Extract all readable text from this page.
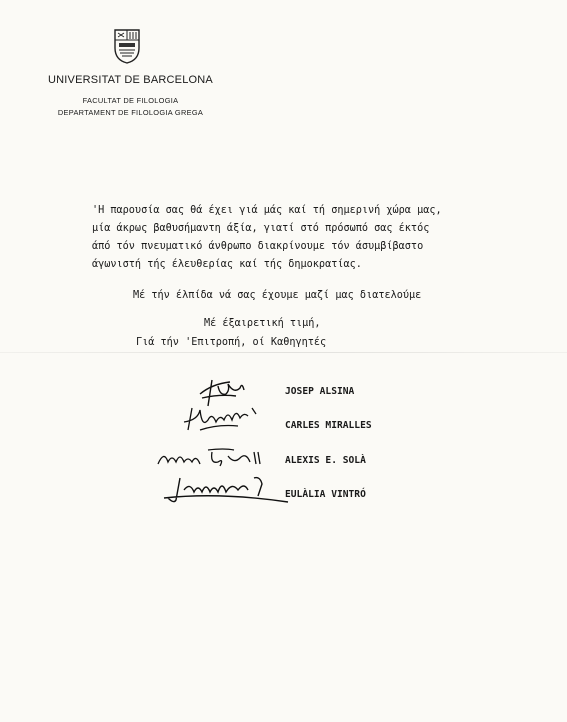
UNIVERSITAT DE BARCELONA
FACULTAT DE FILOLOGIA
DEPARTAMENT DE FILOLOGIA GREGA
'Η παρουσία σας θά έχει γιά μάς καί τή σημερινή χώρα μας,
μία άκρως βαθυσήμαντη άξία, γιατί στό πρόσωπό σας έκτός
άπό τόν πνευματικό άνθρωπο διακρίνουμε τόν άσυμβίβαστο
άγωνιστή τής έλευθερίας καί τής δημοκρατίας.
Μέ τήν έλπίδα νά σας έχουμε μαζί μας διατελούμε
Μέ έξαιρετική τιμή,
Γιά τήν 'Επιτροπή, οί Καθηγητές
JOSEP ALSINA
CARLES MIRALLES
ALEXIS E. SOLÀ
EULÀLIA VINTRÓ
